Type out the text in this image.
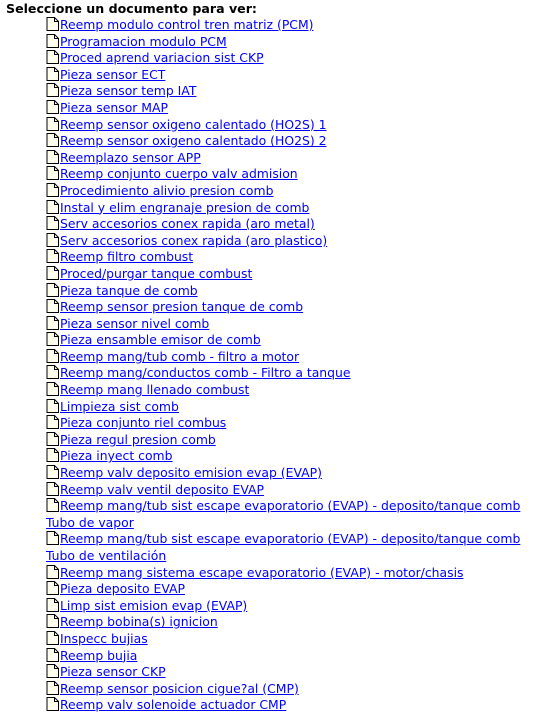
Seleccione un documento para ver:
Reemp modulo control tren matriz (PCM)
Programacion modulo PCM
Proced aprend variacion sist CKP
Pieza sensor ECT
Pieza sensor temp IAT
Pieza sensor MAP
Reemp sensor oxigeno calentado (HO2S) 1
Reemp sensor oxigeno calentado (HO2S) 2
Reemplazo sensor APP
Reemp conjunto cuerpo valv admision
Procedimiento alivio presion comb
Instal y elim engranaje presion de comb
Serv accesorios conex rapida (aro metal)
Serv accesorios conex rapida (aro plastico)
Reemp filtro combust
Proced/purgar tanque combust
Pieza tanque de comb
Reemp sensor presion tanque de comb
Pieza sensor nivel comb
Pieza ensamble emisor de comb
Reemp mang/tub comb - filtro a motor
Reemp mang/conductos comb - Filtro a tanque
Reemp mang llenado combust
Limpieza sist comb
Pieza conjunto riel combus
Pieza regul presion comb
Pieza inyect comb
Reemp valv deposito emision evap (EVAP)
Reemp valv ventil deposito EVAP
Reemp mang/tub sist escape evaporatorio (EVAP) - deposito/tanque comb Tubo de vapor
Reemp mang/tub sist escape evaporatorio (EVAP) - deposito/tanque comb Tubo de ventilación
Reemp mang sistema escape evaporatorio (EVAP) - motor/chasis
Pieza deposito EVAP
Limp sist emision evap (EVAP)
Reemp bobina(s) ignicion
Inspecc bujias
Reemp bujia
Pieza sensor CKP
Reemp sensor posicion cigue?al (CMP)
Reemp valv solenoide actuador CMP
